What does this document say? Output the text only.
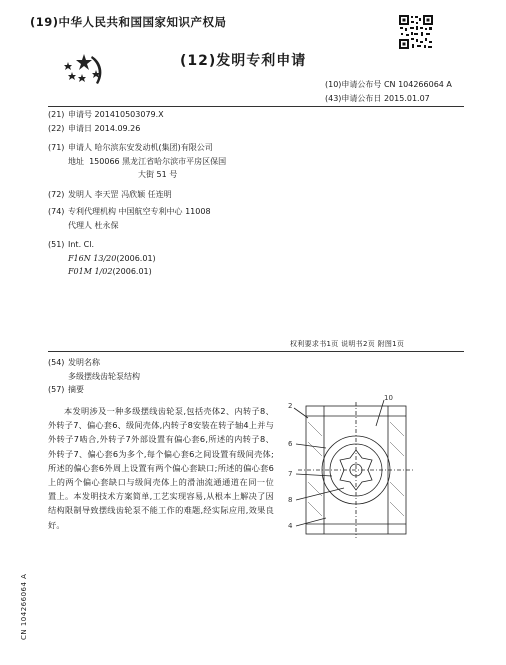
(19)中华人民共和国国家知识产权局
(12)发明专利申请
(10)申请公布号 CN 104266064 A
(43)申请公布日 2015.01.07
(21) 申请号
201410503079.X
(22) 申请日
2014.09.26
(71) 申请人
哈尔滨东安发动机(集团)有限公司
地址
150066 黑龙江省哈尔滨市平房区保国
大街 51 号
(72) 发明人
李天罡 冯欣颖 任连明
(74) 专利代理机构
中国航空专利中心 11008
代理人
杜永保
(51) Int. Cl.
F16N 13/20 (2006.01)
F01M 1/02 (2006.01)
权利要求书1页 说明书2页 附图1页
(54) 发明名称
多级摆线齿轮泵结构
(57) 摘要
本发明涉及一种多级摆线齿轮泵,包括壳体2、内转子8、外转子7、偏心套6、级间壳体,内转子8安装在转子轴4上并与外转子7啮合,外转子7外部设置有偏心套6,所述的内转子8、外转子7、偏心套6为多个,每个偏心套6之间设置有级间壳体;所述的偏心套6外周上设置有两个偏心套缺口;所述的偏心套6上的两个偏心套缺口与级间壳体上的滑油流通通道在同一位置上。本发明技术方案简单,工艺实现容易,从根本上解决了因结构限制导致摆线齿轮泵不能工作的难题,经实际应用,效果良好。
2
10
6
7
8
4
CN 104266064 A
